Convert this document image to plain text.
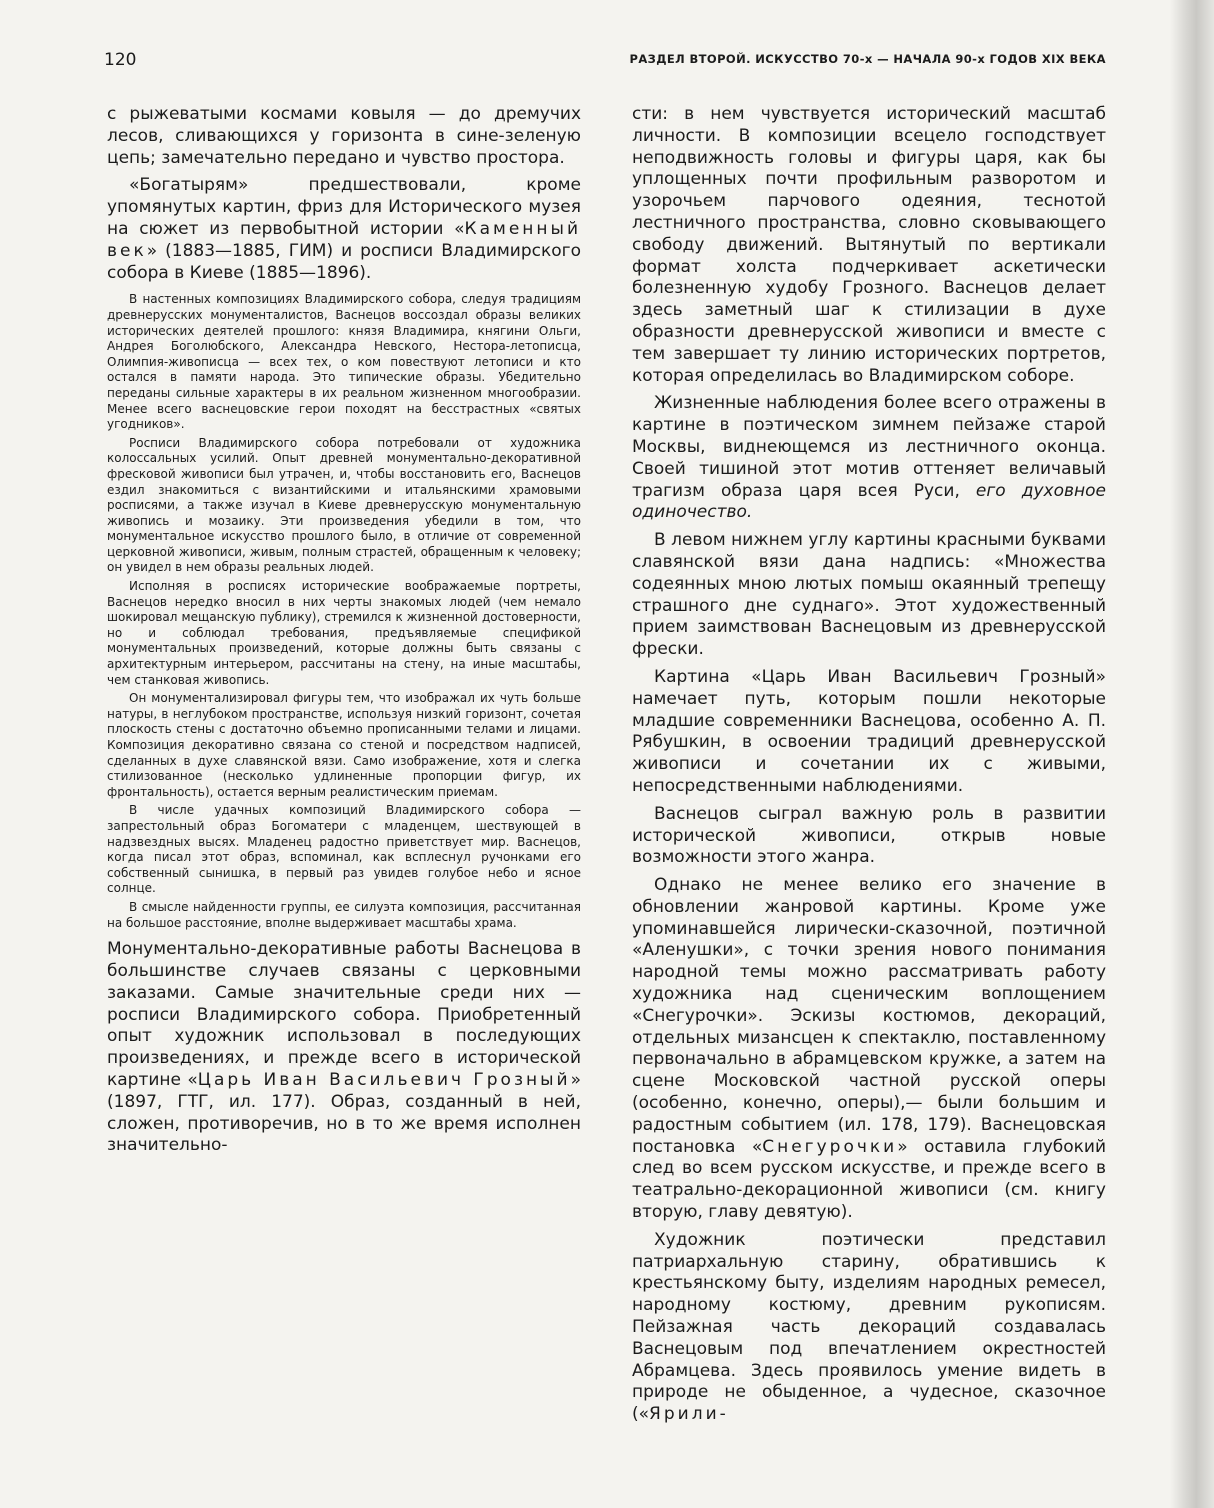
120	РАЗДЕЛ ВТОРОЙ. ИСКУССТВО 70-х — НАЧАЛА 90-х ГОДОВ XIX ВЕКА

с рыжеватыми космами ковыля — до дремучих лесов, сливающихся у горизонта в сине-зеленую цепь; замечательно передано и чувство простора.

«Богатырям» предшествовали, кроме упомянутых картин, фриз для Исторического музея на сюжет из первобытной истории «Каменный век» (1883—1885, ГИМ) и росписи Владимирского собора в Киеве (1885—1896).

В настенных композициях Владимирского собора, следуя традициям древнерусских монументалистов, Васнецов воссоздал образы великих исторических деятелей прошлого: князя Владимира, княгини Ольги, Андрея Боголюбского, Александра Невского, Нестора-летописца, Олимпия-живописца — всех тех, о ком повествуют летописи и кто остался в памяти народа. Это типические образы. Убедительно переданы сильные характеры в их реальном жизненном многообразии. Менее всего васнецовские герои походят на бесстрастных «святых угодников».

Росписи Владимирского собора потребовали от художника колоссальных усилий. Опыт древней монументально-декоративной фресковой живописи был утрачен, и, чтобы восстановить его, Васнецов ездил знакомиться с византийскими и итальянскими храмовыми росписями, а также изучал в Киеве древнерусскую монументальную живопись и мозаику. Эти произведения убедили в том, что монументальное искусство прошлого было, в отличие от современной церковной живописи, живым, полным страстей, обращенным к человеку; он увидел в нем образы реальных людей.

Исполняя в росписях исторические воображаемые портреты, Васнецов нередко вносил в них черты знакомых людей (чем немало шокировал мещанскую публику), стремился к жизненной достоверности, но и соблюдал требования, предъявляемые спецификой монументальных произведений, которые должны быть связаны с архитектурным интерьером, рассчитаны на стену, на иные масштабы, чем станковая живопись.

Он монументализировал фигуры тем, что изображал их чуть больше натуры, в неглубоком пространстве, используя низкий горизонт, сочетая плоскость стены с достаточно объемно прописанными телами и лицами. Композиция декоративно связана со стеной и посредством надписей, сделанных в духе славянской вязи. Само изображение, хотя и слегка стилизованное (несколько удлиненные пропорции фигур, их фронтальность), остается верным реалистическим приемам.

В числе удачных композиций Владимирского собора — запрестольный образ Богоматери с младенцем, шествующей в надзвездных высях. Младенец радостно приветствует мир. Васнецов, когда писал этот образ, вспоминал, как всплеснул ручонками его собственный сынишка, в первый раз увидев голубое небо и ясное солнце.

В смысле найденности группы, ее силуэта композиция, рассчитанная на большое расстояние, вполне выдерживает масштабы храма.

Монументально-декоративные работы Васнецова в большинстве случаев связаны с церковными заказами. Самые значительные среди них — росписи Владимирского собора. Приобретенный опыт художник использовал в последующих произведениях, и прежде всего в исторической картине «Царь Иван Васильевич Грозный» (1897, ГТГ, ил. 177). Образ, созданный в ней, сложен, противоречив, но в то же время исполнен значительно-

сти: в нем чувствуется исторический масштаб личности. В композиции всецело господствует неподвижность головы и фигуры царя, как бы уплощенных почти профильным разворотом и узорочьем парчового одеяния, теснотой лестничного пространства, словно сковывающего свободу движений. Вытянутый по вертикали формат холста подчеркивает аскетически болезненную худобу Грозного. Васнецов делает здесь заметный шаг к стилизации в духе образности древнерусской живописи и вместе с тем завершает ту линию исторических портретов, которая определилась во Владимирском соборе.

Жизненные наблюдения более всего отражены в картине в поэтическом зимнем пейзаже старой Москвы, виднеющемся из лестничного оконца. Своей тишиной этот мотив оттеняет величавый трагизм образа царя всея Руси, его духовное одиночество.

В левом нижнем углу картины красными буквами славянской вязи дана надпись: «Множества содеянных мною лютых помыш окаянный трепещу страшного дне суднаго». Этот художественный прием заимствован Васнецовым из древнерусской фрески.

Картина «Царь Иван Васильевич Грозный» намечает путь, которым пошли некоторые младшие современники Васнецова, особенно А. П. Рябушкин, в освоении традиций древнерусской живописи и сочетании их с живыми, непосредственными наблюдениями.

Васнецов сыграл важную роль в развитии исторической живописи, открыв новые возможности этого жанра.

Однако не менее велико его значение в обновлении жанровой картины. Кроме уже упоминавшейся лирически-сказочной, поэтичной «Аленушки», с точки зрения нового понимания народной темы можно рассматривать работу художника над сценическим воплощением «Снегурочки». Эскизы костюмов, декораций, отдельных мизансцен к спектаклю, поставленному первоначально в абрамцевском кружке, а затем на сцене Московской частной русской оперы (особенно, конечно, оперы),— были большим и радостным событием (ил. 178, 179). Васнецовская постановка «Снегурочки» оставила глубокий след во всем русском искусстве, и прежде всего в театрально-декорационной живописи (см. книгу вторую, главу девятую).

Художник поэтически представил патриархальную старину, обратившись к крестьянскому быту, изделиям народных ремесел, народному костюму, древним рукописям. Пейзажная часть декораций создавалась Васнецовым под впечатлением окрестностей Абрамцева. Здесь проявилось умение видеть в природе не обыденное, а чудесное, сказочное («Ярили-
